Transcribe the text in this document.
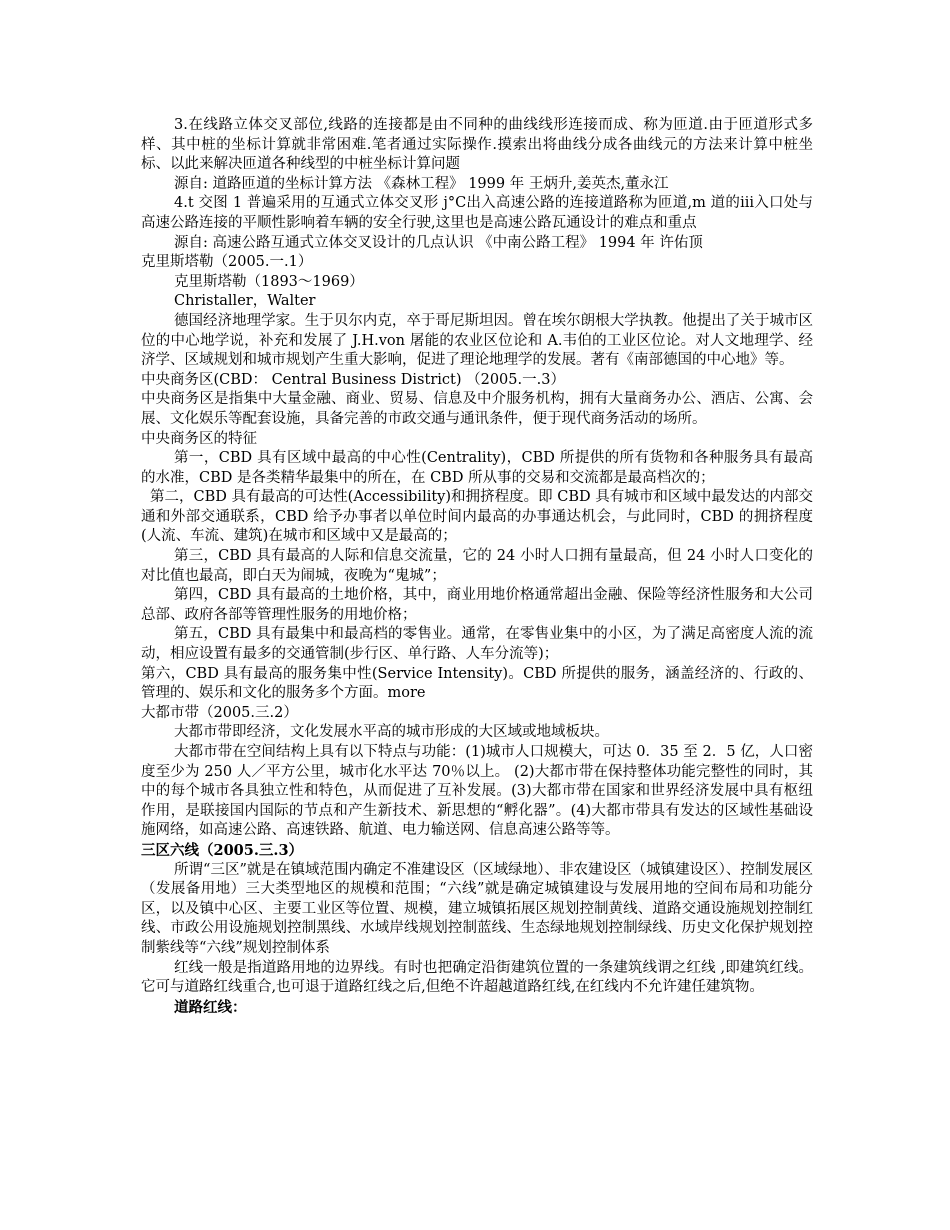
3.在线路立体交叉部位,线路的连接都是由不同种的曲线线形连接而成、称为匝道.由于匝道形式多样、其中桩的坐标计算就非常困难.笔者通过实际操作.摸索出将曲线分成各曲线元的方法来计算中桩坐标、以此来解决匝道各种线型的中桩坐标计算问题

源自: 道路匝道的坐标计算方法 《森林工程》 1999 年 王炳升,姜英杰,董永江

4.t 交图 1 普遍采用的互通式立体交叉形 j°C出入高速公路的连接道路称为匝道,m 道的iii入口处与高速公路连接的平顺性影响着车辆的安全行驶,这里也是高速公路瓦通设计的难点和重点

源自: 高速公路互通式立体交叉设计的几点认识 《中南公路工程》 1994 年 许佑顶

克里斯塔勒（2005.一.1）

克里斯塔勒（1893～1969）

Christaller，Walter

德国经济地理学家。生于贝尔内克，卒于哥尼斯坦因。曾在埃尔朗根大学执教。他提出了关于城市区位的中心地学说，补充和发展了 J.H.von 屠能的农业区位论和 A.韦伯的工业区位论。对人文地理学、经济学、区域规划和城市规划产生重大影响，促进了理论地理学的发展。著有《南部德国的中心地》等。

中央商务区(CBD： Central Business District) （2005.一.3）

中央商务区是指集中大量金融、商业、贸易、信息及中介服务机构，拥有大量商务办公、酒店、公寓、会展、文化娱乐等配套设施，具备完善的市政交通与通讯条件，便于现代商务活动的场所。

中央商务区的特征

第一，CBD 具有区域中最高的中心性(Centrality)，CBD 所提供的所有货物和各种服务具有最高的水准，CBD 是各类精华最集中的所在，在 CBD 所从事的交易和交流都是最高档次的；

第二，CBD 具有最高的可达性(Accessibility)和拥挤程度。即 CBD 具有城市和区域中最发达的内部交通和外部交通联系，CBD 给予办事者以单位时间内最高的办事通达机会，与此同时，CBD 的拥挤程度(人流、车流、建筑)在城市和区域中又是最高的；

第三，CBD 具有最高的人际和信息交流量，它的 24 小时人口拥有量最高，但 24 小时人口变化的对比值也最高，即白天为闹城，夜晚为“鬼城”；

第四，CBD 具有最高的土地价格，其中，商业用地价格通常超出金融、保险等经济性服务和大公司总部、政府各部等管理性服务的用地价格；

第五，CBD 具有最集中和最高档的零售业。通常，在零售业集中的小区，为了满足高密度人流的流动，相应设置有最多的交通管制(步行区、单行路、人车分流等)；

第六，CBD 具有最高的服务集中性(Service Intensity)。CBD 所提供的服务，涵盖经济的、行政的、管理的、娱乐和文化的服务多个方面。more

大都市带（2005.三.2）

大都市带即经济，文化发展水平高的城市形成的大区域或地域板块。

大都市带在空间结构上具有以下特点与功能：(1)城市人口规模大，可达 0．35 至 2．5 亿，人口密度至少为 250 人／平方公里，城市化水平达 70％以上。 (2)大都市带在保持整体功能完整性的同时，其中的每个城市各具独立性和特色，从而促进了互补发展。(3)大都市带在国家和世界经济发展中具有枢纽作用，是联接国内国际的节点和产生新技术、新思想的“孵化器”。(4)大都市带具有发达的区域性基础设施网络，如高速公路、高速铁路、航道、电力输送网、信息高速公路等等。

三区六线（2005.三.3）

所谓“三区”就是在镇域范围内确定不准建设区（区域绿地）、非农建设区（城镇建设区）、控制发展区（发展备用地）三大类型地区的规模和范围；“六线”就是确定城镇建设与发展用地的空间布局和功能分区，以及镇中心区、主要工业区等位置、规模，建立城镇拓展区规划控制黄线、道路交通设施规划控制红线、市政公用设施规划控制黑线、水域岸线规划控制蓝线、生态绿地规划控制绿线、历史文化保护规划控制紫线等“六线”规划控制体系

红线一般是指道路用地的边界线。有时也把确定沿街建筑位置的一条建筑线谓之红线 ,即建筑红线。它可与道路红线重合,也可退于道路红线之后,但绝不许超越道路红线,在红线内不允许建任建筑物。

道路红线：
